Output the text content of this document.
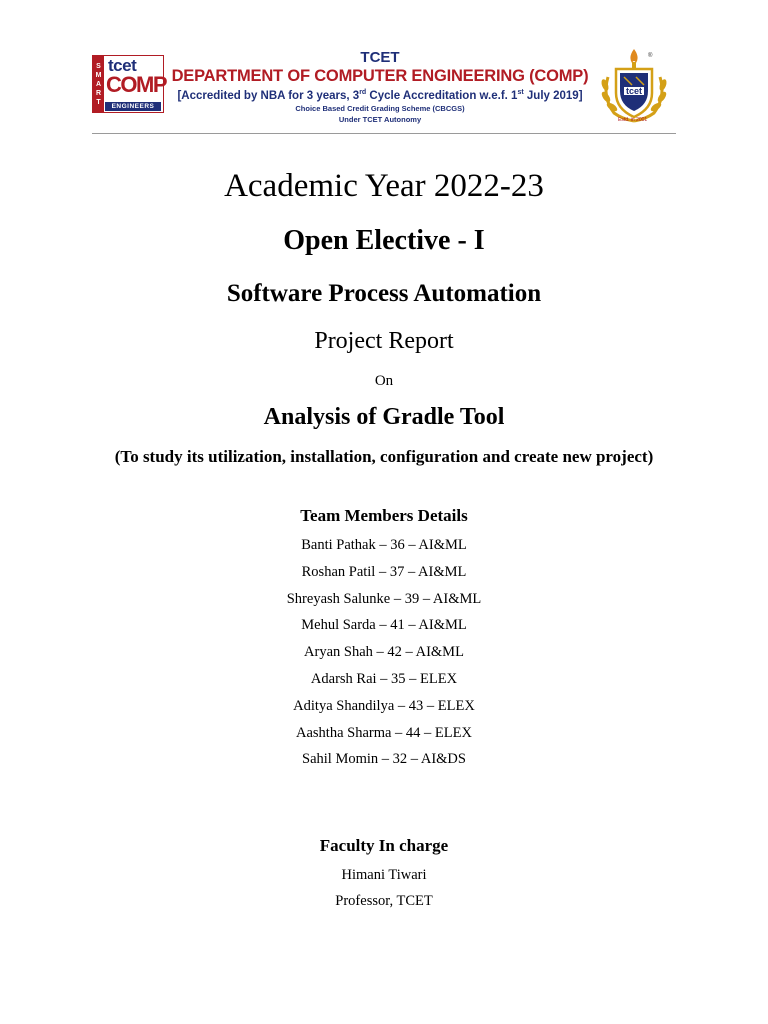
S
M
A
R
T
tcet
COMP
ENGINEERS
TCET
DEPARTMENT OF COMPUTER ENGINEERING (COMP)
[Accredited by NBA for 3 years, 3rd Cycle Accreditation w.e.f. 1st July 2019]
Choice Based Credit Grading Scheme (CBCGS)
Under TCET Autonomy
tcet
®
Estd. in 2001
Academic Year 2022-23
Open Elective - I
Software Process Automation
Project Report
On
Analysis of Gradle Tool
(To study its utilization, installation, configuration and create new project)
Team Members Details
Banti Pathak – 36 – AI&ML
Roshan Patil – 37 – AI&ML
Shreyash Salunke – 39 – AI&ML
Mehul Sarda – 41 – AI&ML
Aryan Shah – 42 – AI&ML
Adarsh Rai – 35 – ELEX
Aditya Shandilya – 43 – ELEX
Aashtha Sharma – 44 – ELEX
Sahil Momin – 32 – AI&DS
Faculty In charge
Himani Tiwari
Professor, TCET
